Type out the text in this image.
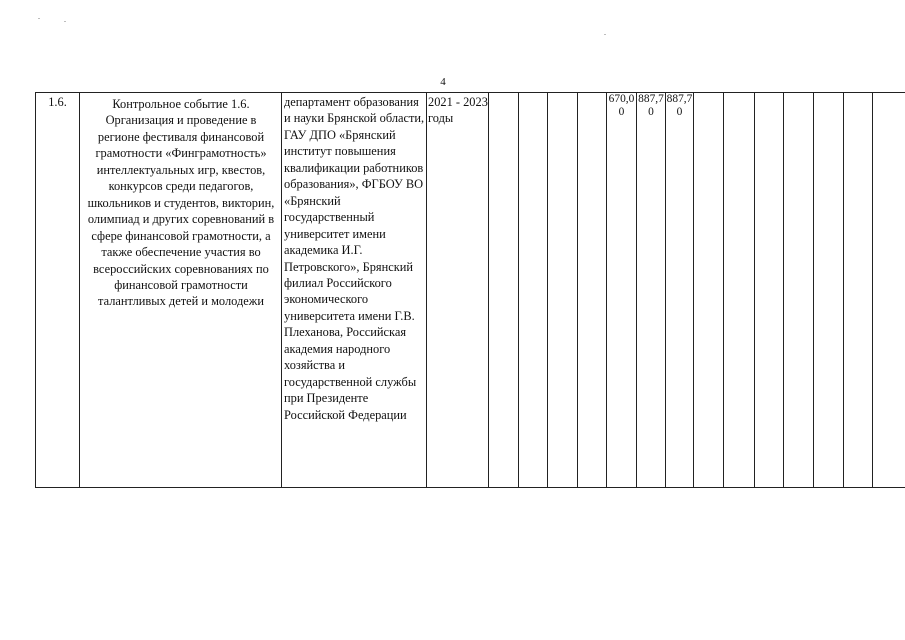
4
1.6.	Контрольное событие 1.6. Организация и проведение в регионе фестиваля финансовой грамотности «Финграмотность» интеллектуальных игр, квестов, конкурсов среди педагогов, школьников и студентов, викторин, олимпиад и других соревнований в сфере финансовой грамотности, а также обеспечение участия во всероссийских соревнованиях по финансовой грамотности талантливых детей и молодежи	департамент образования и науки Брянской области, ГАУ ДПО «Брянский институт повышения квалификации работников образования», ФГБОУ ВО «Брянский государственный университет имени академика И.Г. Петровского», Брянский филиал Российского экономического университета имени Г.В. Плеханова, Российская академия народного хозяйства и государственной службы при Президенте Российской Федерации	2021 - 2023 годы					670,00	887,70	887,70							
